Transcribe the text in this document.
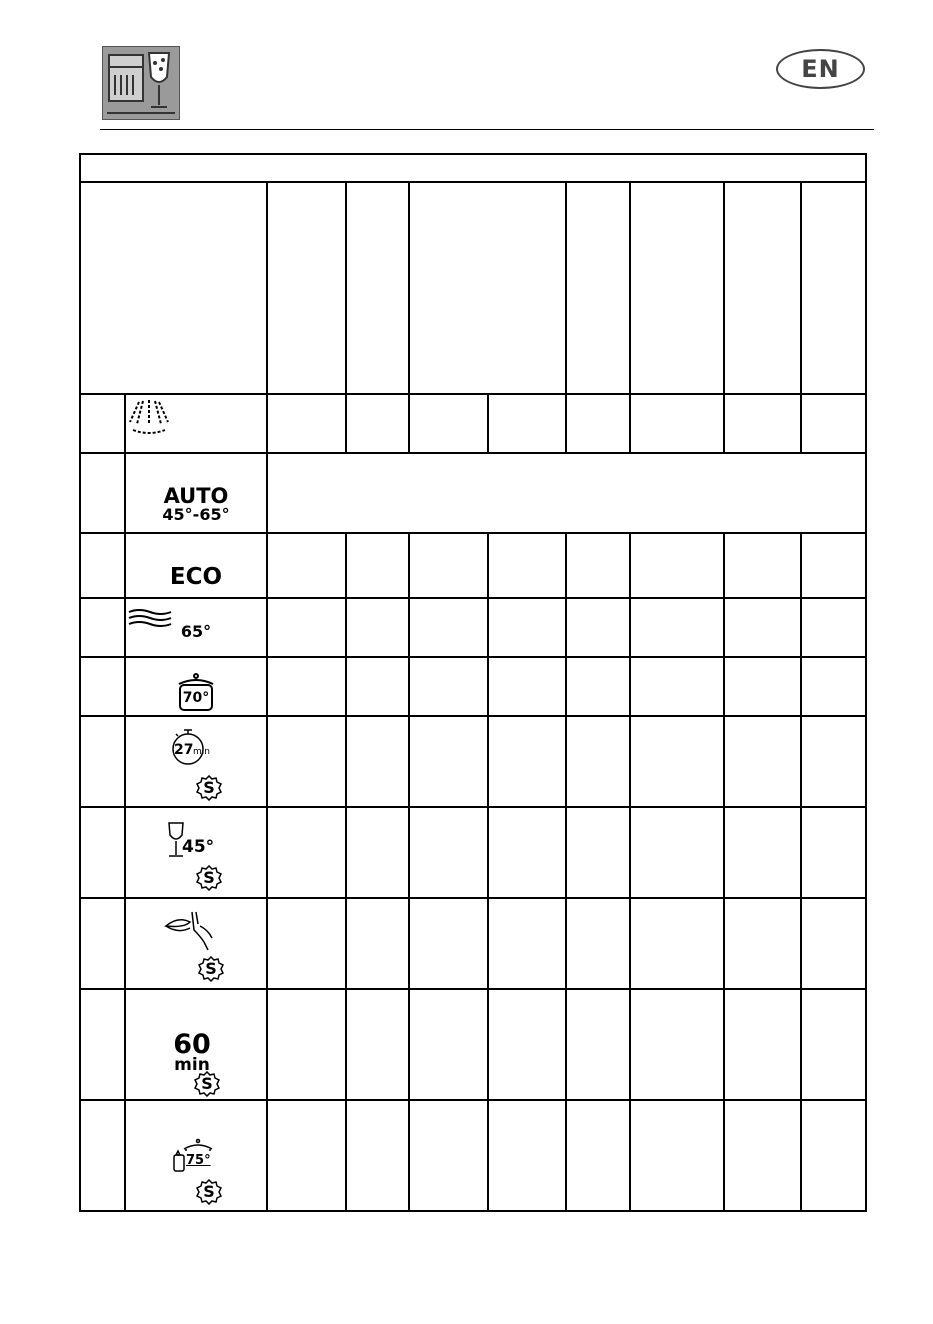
EN
AUTO
45°-65°
ECO
65°
70°
27 min
S
45°
S
S
60
min
S
75°
S
